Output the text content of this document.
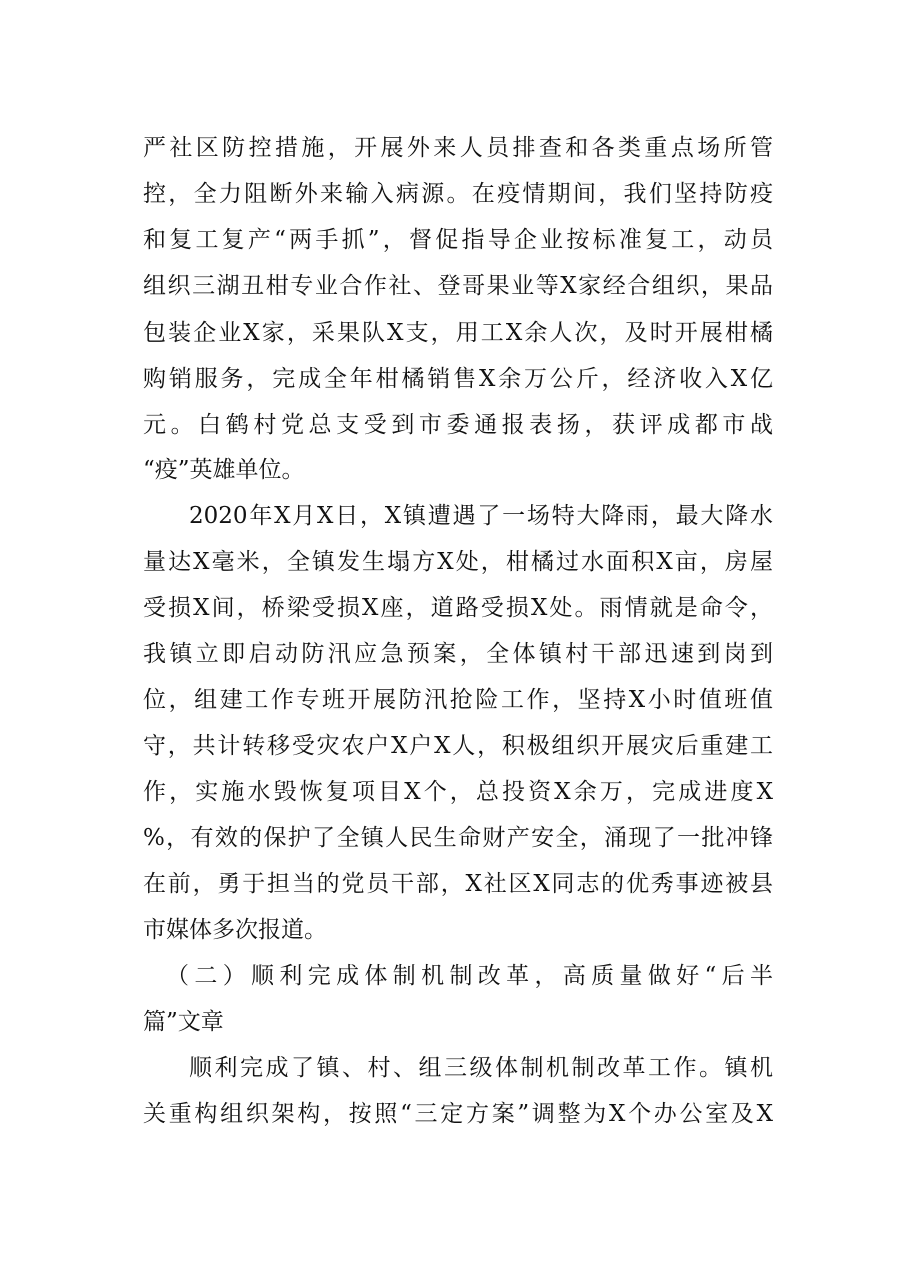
严社区防控措施，开展外来人员排查和各类重点场所管
控，全力阻断外来输入病源。在疫情期间，我们坚持防疫
和复工复产“两手抓”，督促指导企业按标准复工，动员
组织三湖丑柑专业合作社、登哥果业等X家经合组织，果品
包装企业X家，采果队X支，用工X余人次，及时开展柑橘
购销服务，完成全年柑橘销售X余万公斤，经济收入X亿
元。白鹤村党总支受到市委通报表扬，获评成都市战
“疫”英雄单位。
2020年X月X日，X镇遭遇了一场特大降雨，最大降水
量达X毫米，全镇发生塌方X处，柑橘过水面积X亩，房屋
受损X间，桥梁受损X座，道路受损X处。雨情就是命令，
我镇立即启动防汛应急预案，全体镇村干部迅速到岗到
位，组建工作专班开展防汛抢险工作，坚持X小时值班值
守，共计转移受灾农户X户X人，积极组织开展灾后重建工
作，实施水毁恢复项目X个，总投资X余万，完成进度X
%，有效的保护了全镇人民生命财产安全，涌现了一批冲锋
在前，勇于担当的党员干部，X社区X同志的优秀事迹被县
市媒体多次报道。
（二）顺利完成体制机制改革，高质量做好“后半
篇”文章
顺利完成了镇、村、组三级体制机制改革工作。镇机
关重构组织架构，按照“三定方案”调整为X个办公室及X
